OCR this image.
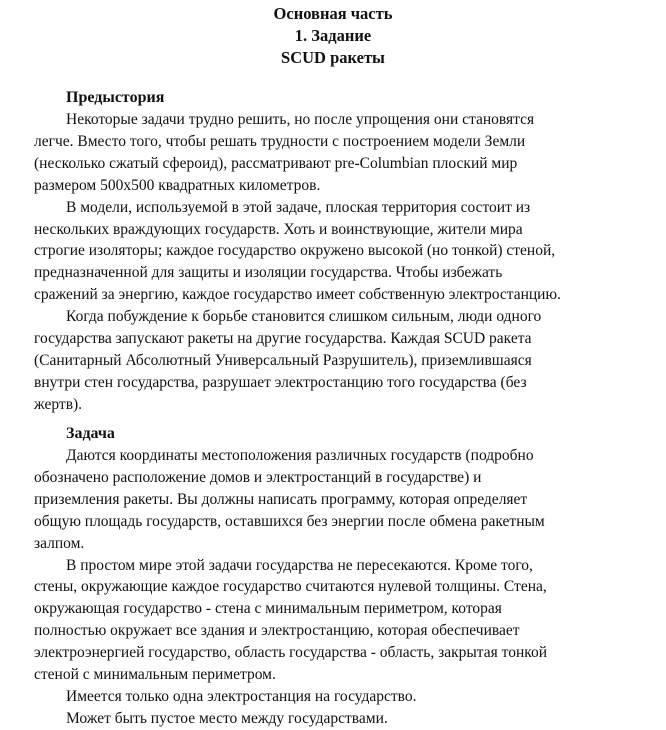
Основная часть
1. Задание
SCUD ракеты
Предыстория
Некоторые задачи трудно решить, но после упрощения они становятся
легче. Вместо того, чтобы решать трудности с построением модели Земли
(несколько сжатый сфероид), рассматривают pre-Columbian плоский мир
размером 500x500 квадратных километров.
В модели, используемой в этой задаче, плоская территория состоит из
нескольких враждующих государств. Хоть и воинствующие, жители мира
строгие изоляторы; каждое государство окружено высокой (но тонкой) стеной,
предназначенной для защиты и изоляции государства. Чтобы избежать
сражений за энергию, каждое государство имеет собственную электростанцию.
Когда побуждение к борьбе становится слишком сильным, люди одного
государства запускают ракеты на другие государства. Каждая SCUD ракета
(Санитарный Абсолютный Универсальный Разрушитель), приземлившаяся
внутри стен государства, разрушает электростанцию того государства (без
жертв).
Задача
Даются координаты местоположения различных государств (подробно
обозначено расположение домов и электростанций в государстве) и
приземления ракеты. Вы должны написать программу, которая определяет
общую площадь государств, оставшихся без энергии после обмена ракетным
залпом.
В простом мире этой задачи государства не пересекаются. Кроме того,
стены, окружающие каждое государство считаются нулевой толщины. Стена,
окружающая государство - стена с минимальным периметром, которая
полностью окружает все здания и электростанцию, которая обеспечивает
электроэнергией государство, область государства - область, закрытая тонкой
стеной с минимальным периметром.
Имеется только одна электростанция на государство.
Может быть пустое место между государствами.
